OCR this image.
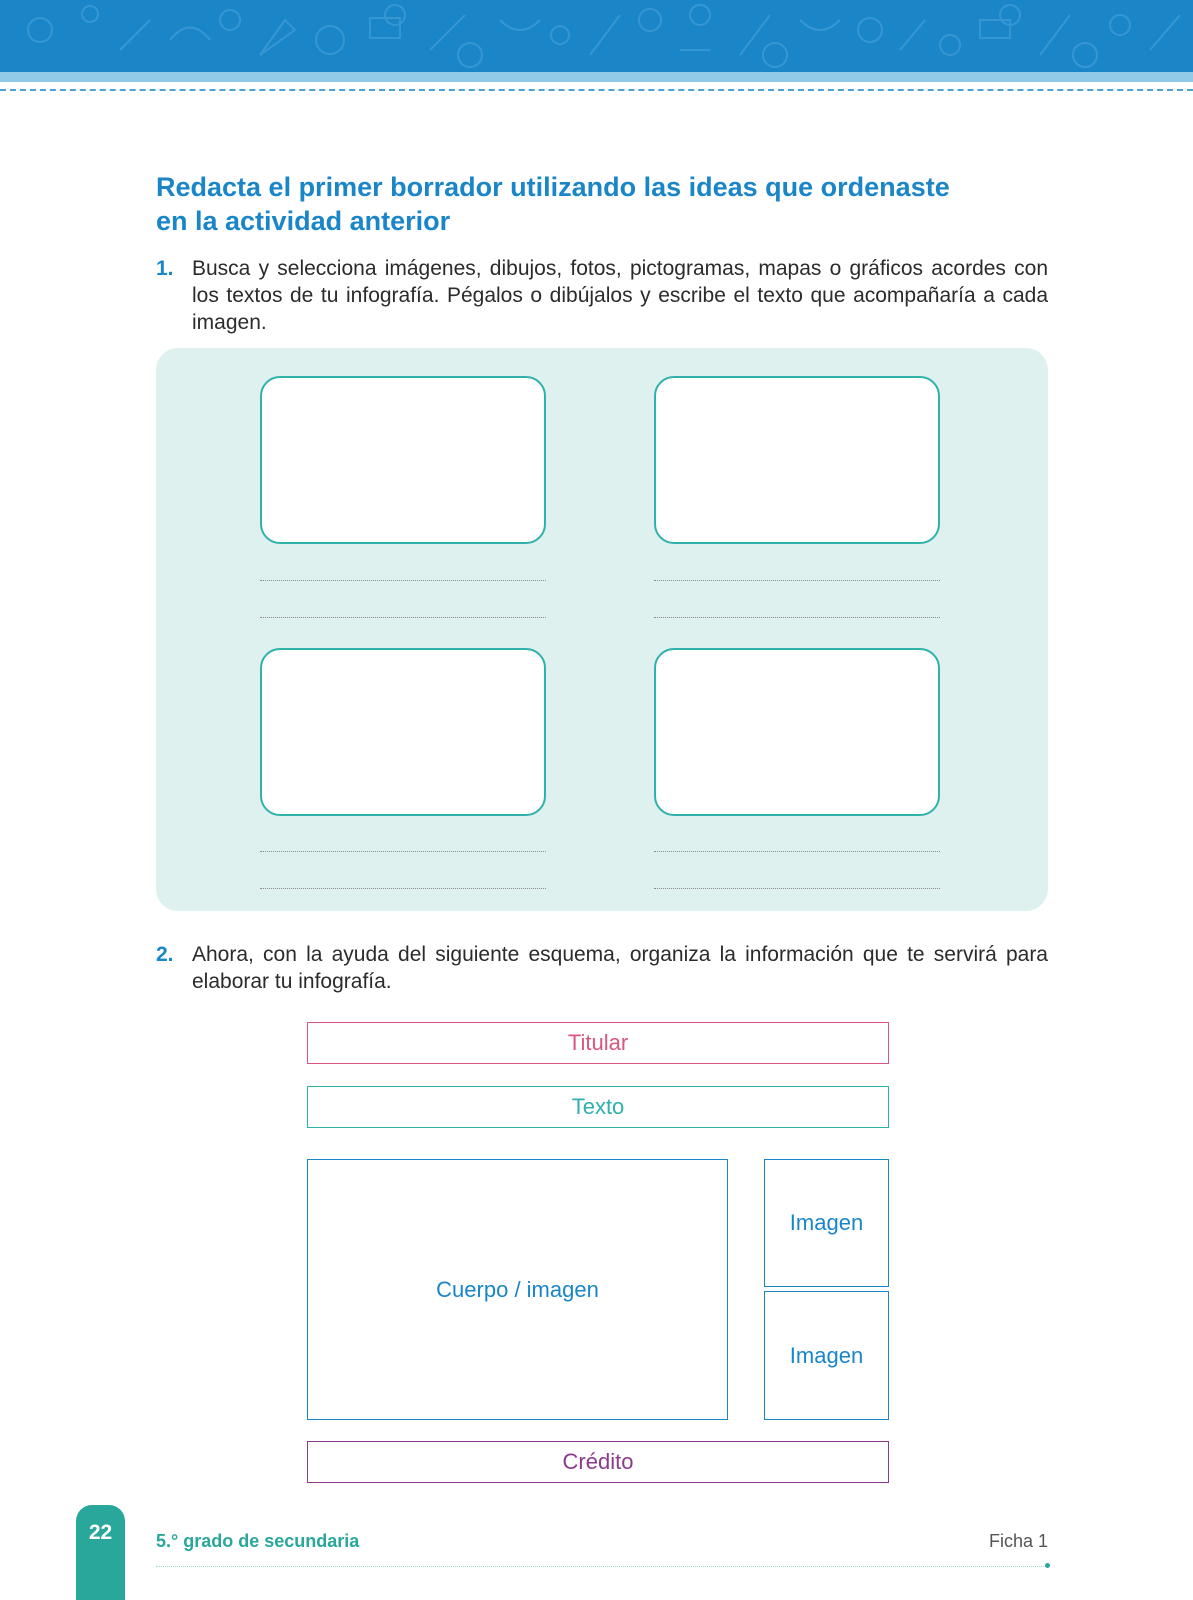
Redacta el primer borrador utilizando las ideas que ordenaste
en la actividad anterior
1. Busca y selecciona imágenes, dibujos, fotos, pictogramas, mapas o gráficos acordes con los textos de tu infografía. Pégalos o dibújalos y escribe el texto que acompañaría a cada imagen.
2. Ahora, con la ayuda del siguiente esquema, organiza la información que te servirá para elaborar tu infografía.
Titular
Texto
Cuerpo / imagen
Imagen
Imagen
Crédito
22	5.° grado de secundaria	Ficha 1
